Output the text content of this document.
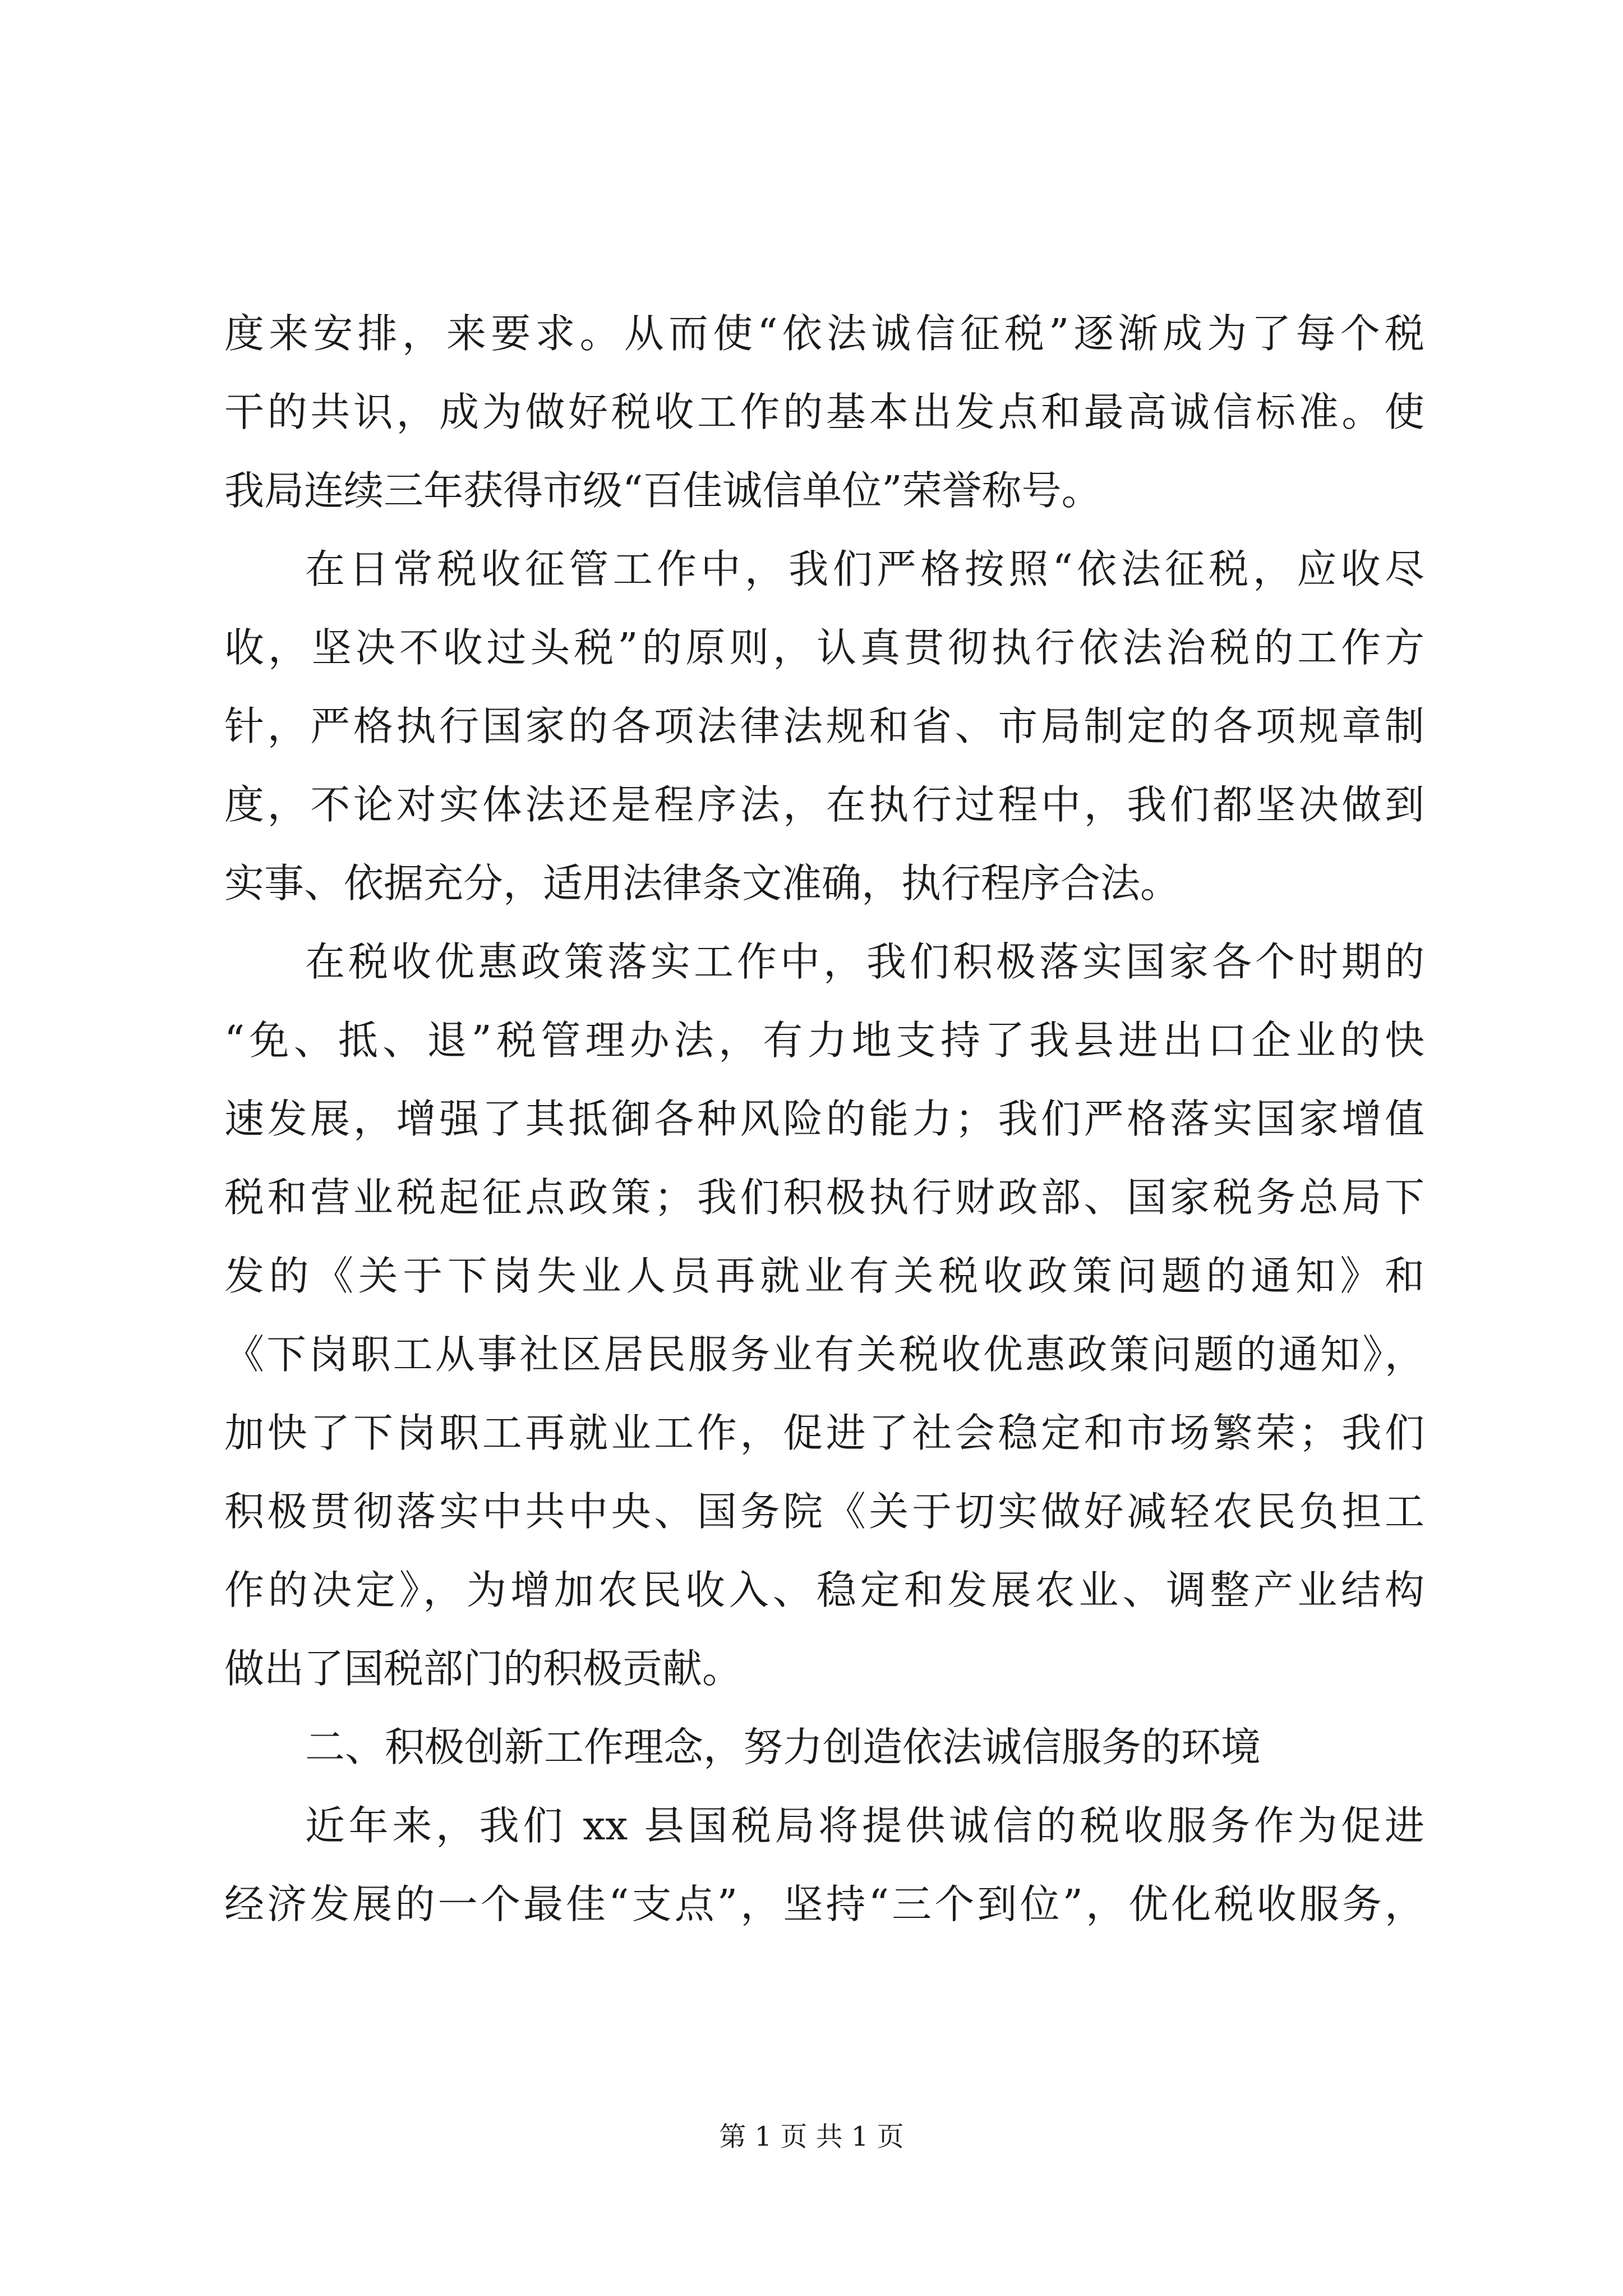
度来安排，来要求。从而使“依法诚信征税”逐渐成为了每个税
干的共识，成为做好税收工作的基本出发点和最高诚信标准。使
我局连续三年获得市级“百佳诚信单位”荣誉称号。
在日常税收征管工作中，我们严格按照“依法征税，应收尽
收，坚决不收过头税”的原则，认真贯彻执行依法治税的工作方
针，严格执行国家的各项法律法规和省、市局制定的各项规章制
度，不论对实体法还是程序法，在执行过程中，我们都坚决做到
实事、依据充分，适用法律条文准确，执行程序合法。
在税收优惠政策落实工作中，我们积极落实国家各个时期的
“免、抵、退”税管理办法，有力地支持了我县进出口企业的快
速发展，增强了其抵御各种风险的能力；我们严格落实国家增值
税和营业税起征点政策；我们积极执行财政部、国家税务总局下
发的《关于下岗失业人员再就业有关税收政策问题的通知》和
《下岗职工从事社区居民服务业有关税收优惠政策问题的通知》，
加快了下岗职工再就业工作，促进了社会稳定和市场繁荣；我们
积极贯彻落实中共中央、国务院《关于切实做好减轻农民负担工
作的决定》，为增加农民收入、稳定和发展农业、调整产业结构
做出了国税部门的积极贡献。
二、积极创新工作理念，努力创造依法诚信服务的环境
近年来，我们 xx 县国税局将提供诚信的税收服务作为促进
经济发展的一个最佳“支点”，坚持“三个到位”，优化税收服务，
第 1 页 共 1 页
